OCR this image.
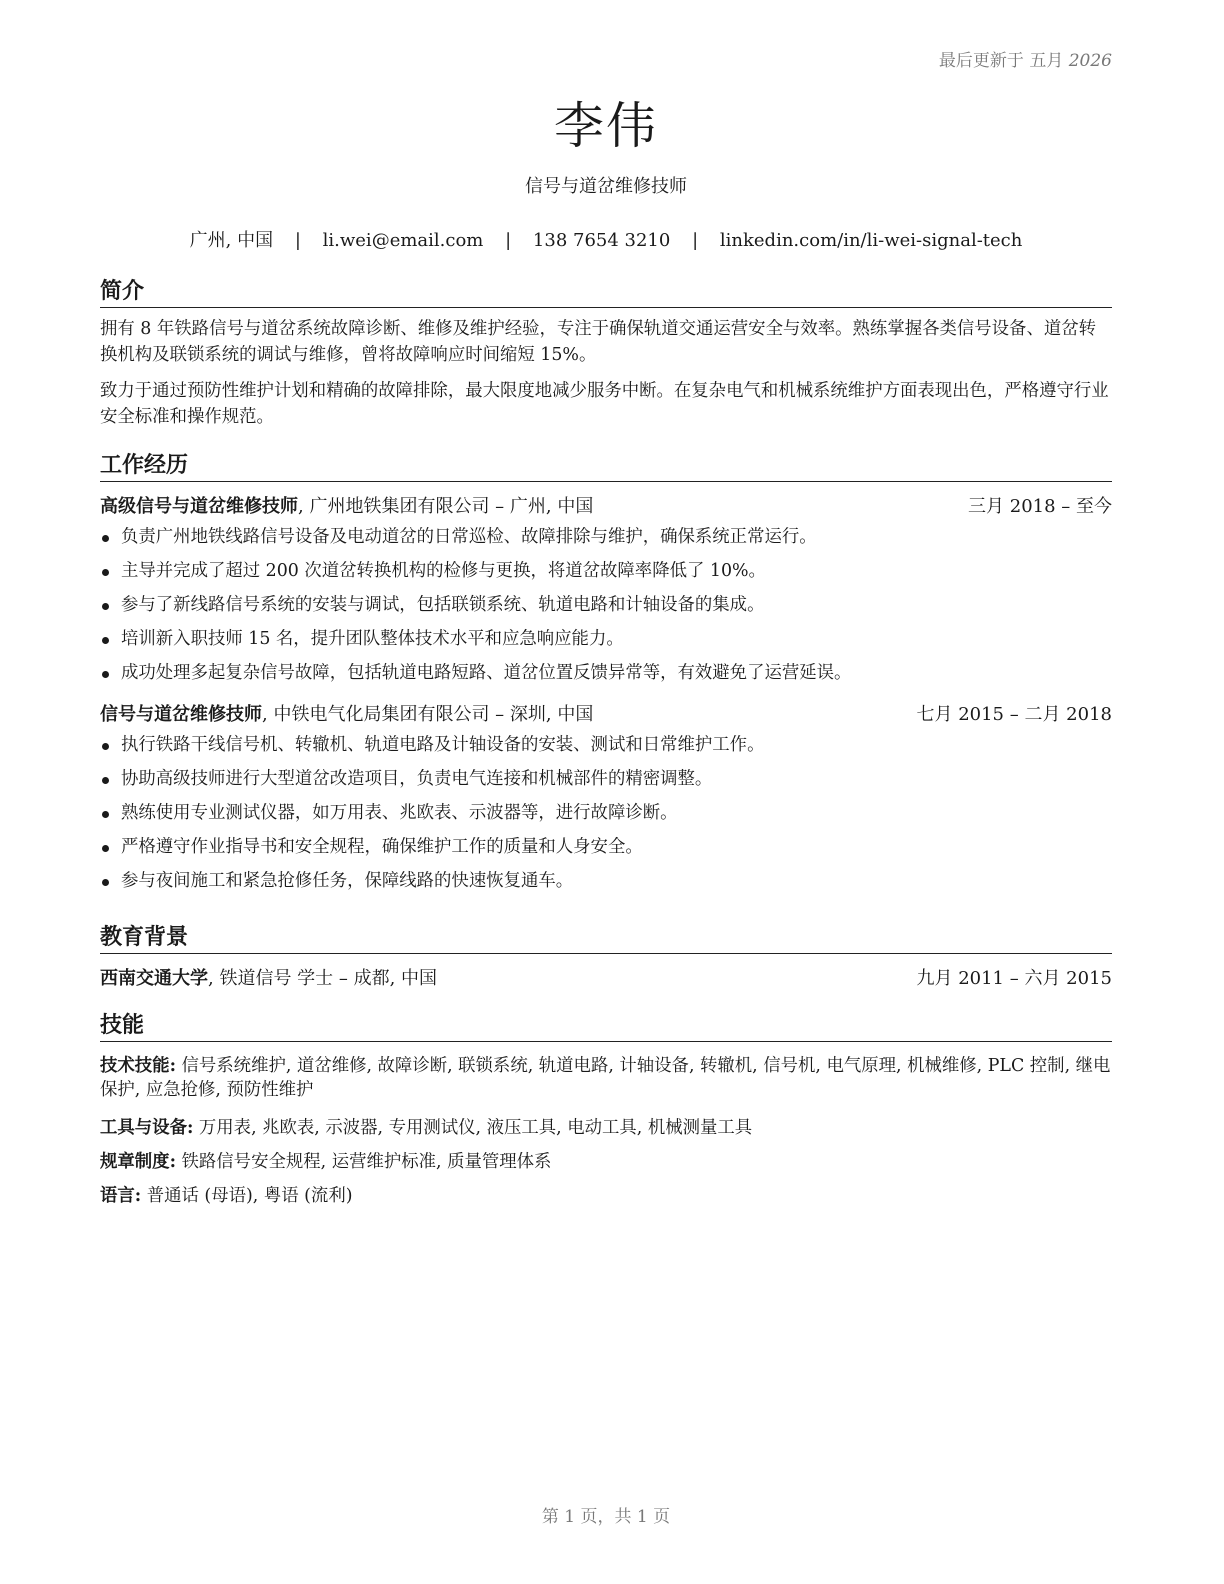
最后更新于 五月 2026
李伟
信号与道岔维修技师
广州, 中国 | li.wei@email.com | 138 7654 3210 | linkedin.com/in/li-wei-signal-tech
简介
拥有 8 年铁路信号与道岔系统故障诊断、维修及维护经验，专注于确保轨道交通运营安全与效率。熟练掌握各类信号设备、道岔转换机构及联锁系统的调试与维修，曾将故障响应时间缩短 15%。
致力于通过预防性维护计划和精确的故障排除，最大限度地减少服务中断。在复杂电气和机械系统维护方面表现出色，严格遵守行业安全标准和操作规范。
工作经历
高级信号与道岔维修技师, 广州地铁集团有限公司 – 广州, 中国	三月 2018 – 至今
负责广州地铁线路信号设备及电动道岔的日常巡检、故障排除与维护，确保系统正常运行。
主导并完成了超过 200 次道岔转换机构的检修与更换，将道岔故障率降低了 10%。
参与了新线路信号系统的安装与调试，包括联锁系统、轨道电路和计轴设备的集成。
培训新入职技师 15 名，提升团队整体技术水平和应急响应能力。
成功处理多起复杂信号故障，包括轨道电路短路、道岔位置反馈异常等，有效避免了运营延误。
信号与道岔维修技师, 中铁电气化局集团有限公司 – 深圳, 中国	七月 2015 – 二月 2018
执行铁路干线信号机、转辙机、轨道电路及计轴设备的安装、测试和日常维护工作。
协助高级技师进行大型道岔改造项目，负责电气连接和机械部件的精密调整。
熟练使用专业测试仪器，如万用表、兆欧表、示波器等，进行故障诊断。
严格遵守作业指导书和安全规程，确保维护工作的质量和人身安全。
参与夜间施工和紧急抢修任务，保障线路的快速恢复通车。
教育背景
西南交通大学, 铁道信号 学士 – 成都, 中国	九月 2011 – 六月 2015
技能
技术技能: 信号系统维护, 道岔维修, 故障诊断, 联锁系统, 轨道电路, 计轴设备, 转辙机, 信号机, 电气原理, 机械维修, PLC 控制, 继电保护, 应急抢修, 预防性维护
工具与设备: 万用表, 兆欧表, 示波器, 专用测试仪, 液压工具, 电动工具, 机械测量工具
规章制度: 铁路信号安全规程, 运营维护标准, 质量管理体系
语言: 普通话 (母语), 粤语 (流利)
第 1 页，共 1 页
